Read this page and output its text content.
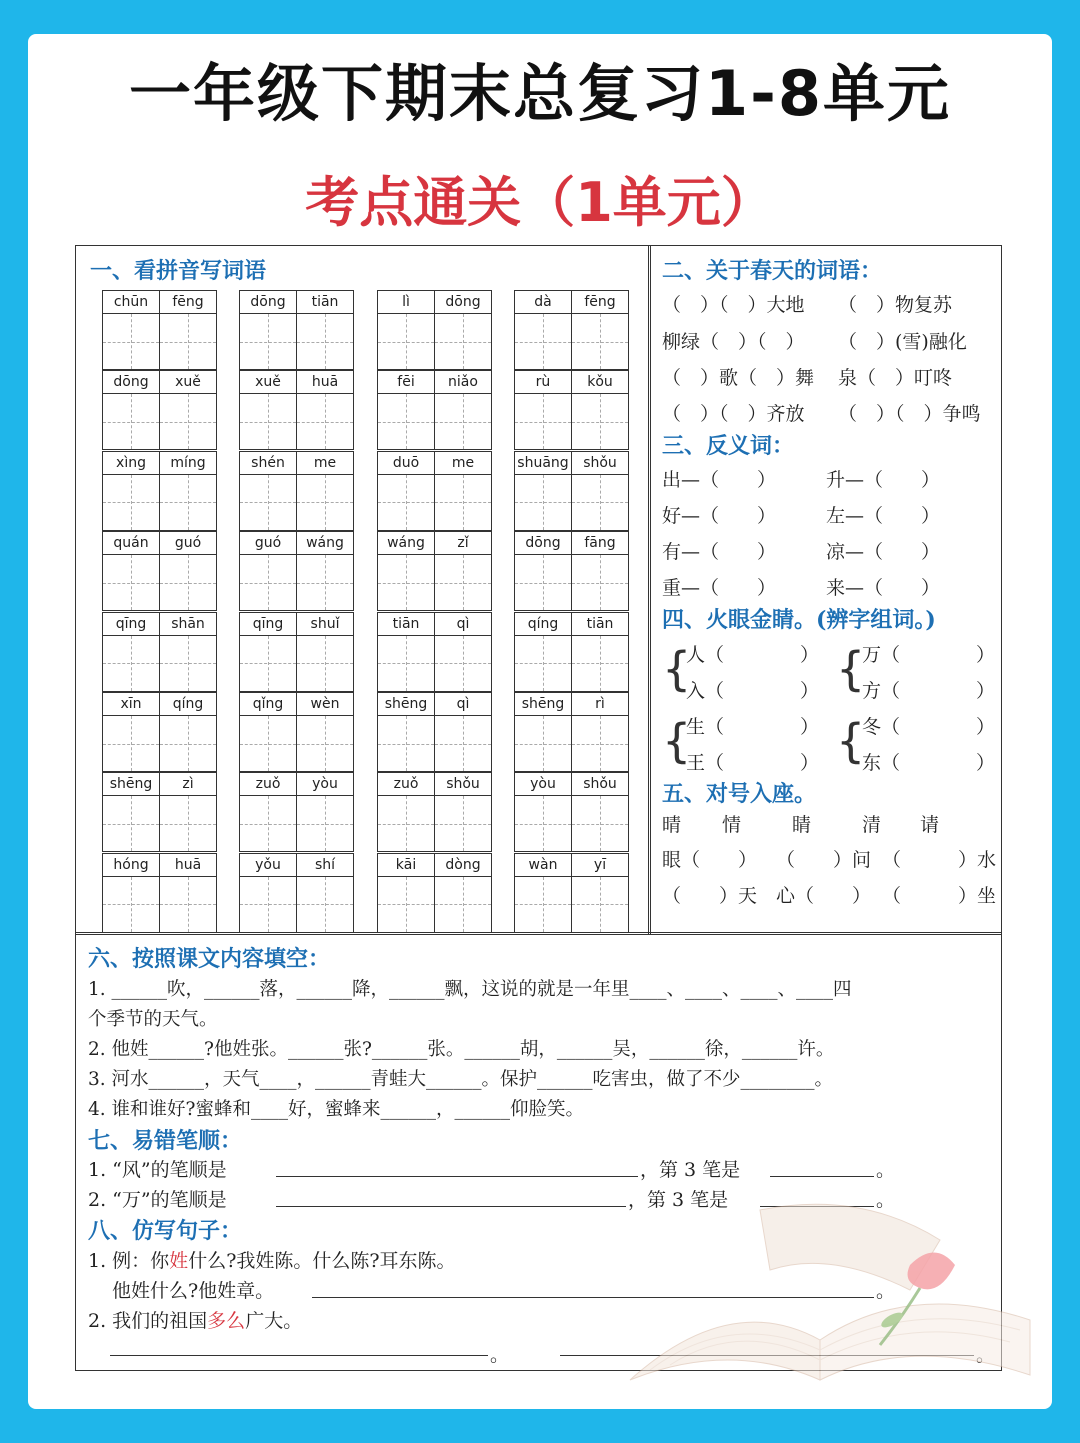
一年级下期末总复习1-8单元
考点通关（1单元）
一、看拼音写词语
chūn	fēng	dōng	tiān	lì	dōng	dà	fēng
dōng	xuě	xuě	huā	fēi	niǎo	rù	kǒu
xìng	míng	shén	me	duō	me	shuāng	shǒu
quán	guó	guó	wáng	wáng	zǐ	dōng	fāng
qīng	shān	qīng	shuǐ	tiān	qì	qíng	tiān
xīn	qíng	qǐng	wèn	shēng	qì	shēng	rì
shēng	zì	zuǒ	yòu	zuǒ	shǒu	yòu	shǒu
hóng	huā	yǒu	shí	kāi	dòng	wàn	yī
二、关于春天的词语：
（　）（　）大地 （　）物复苏
柳绿（　）（　） （　）(雪)融化
（　）歌（　）舞 泉（　）叮咚
（　）（　）齐放 （　）（　）争鸣
三、反义词：
出—（　　）	升—（　　）
好—（　　）	左—（　　）
有—（　　）	凉—（　　）
重—（　　）	来—（　　）
四、火眼金睛。(辨字组词。)
{
人（　　　　）
入（　　　　） {
万（　　　　）
方（　　　　）
{
生（　　　　）
王（　　　　） {
冬（　　　　）
东（　　　　）
五、对号入座。
晴 情	睛	清 请
眼（　　） （　　）问 （　　　）水
（　　）天 心（　　） （　　　）坐
六、按照课文内容填空：
1. ______吹，______落，______降，______飘，这说的就是一年里____、____、____、____四
个季节的天气。
2. 他姓______?他姓张。______张?______张。______胡，______吴，______徐，______许。
3. 河水______，天气____，______青蛙大______。保护______吃害虫，做了不少________。
4. 谁和谁好?蜜蜂和____好，蜜蜂来______，______仰脸笑。
七、易错笔顺：
1. “风”的笔顺是	，第 3 笔是	。
2. “万”的笔顺是	，第 3 笔是	。
八、仿写句子：
1. 例：你姓什么?我姓陈。什么陈?耳东陈。
他姓什么?他姓章。	。
2. 我们的祖国多么广大。
。
